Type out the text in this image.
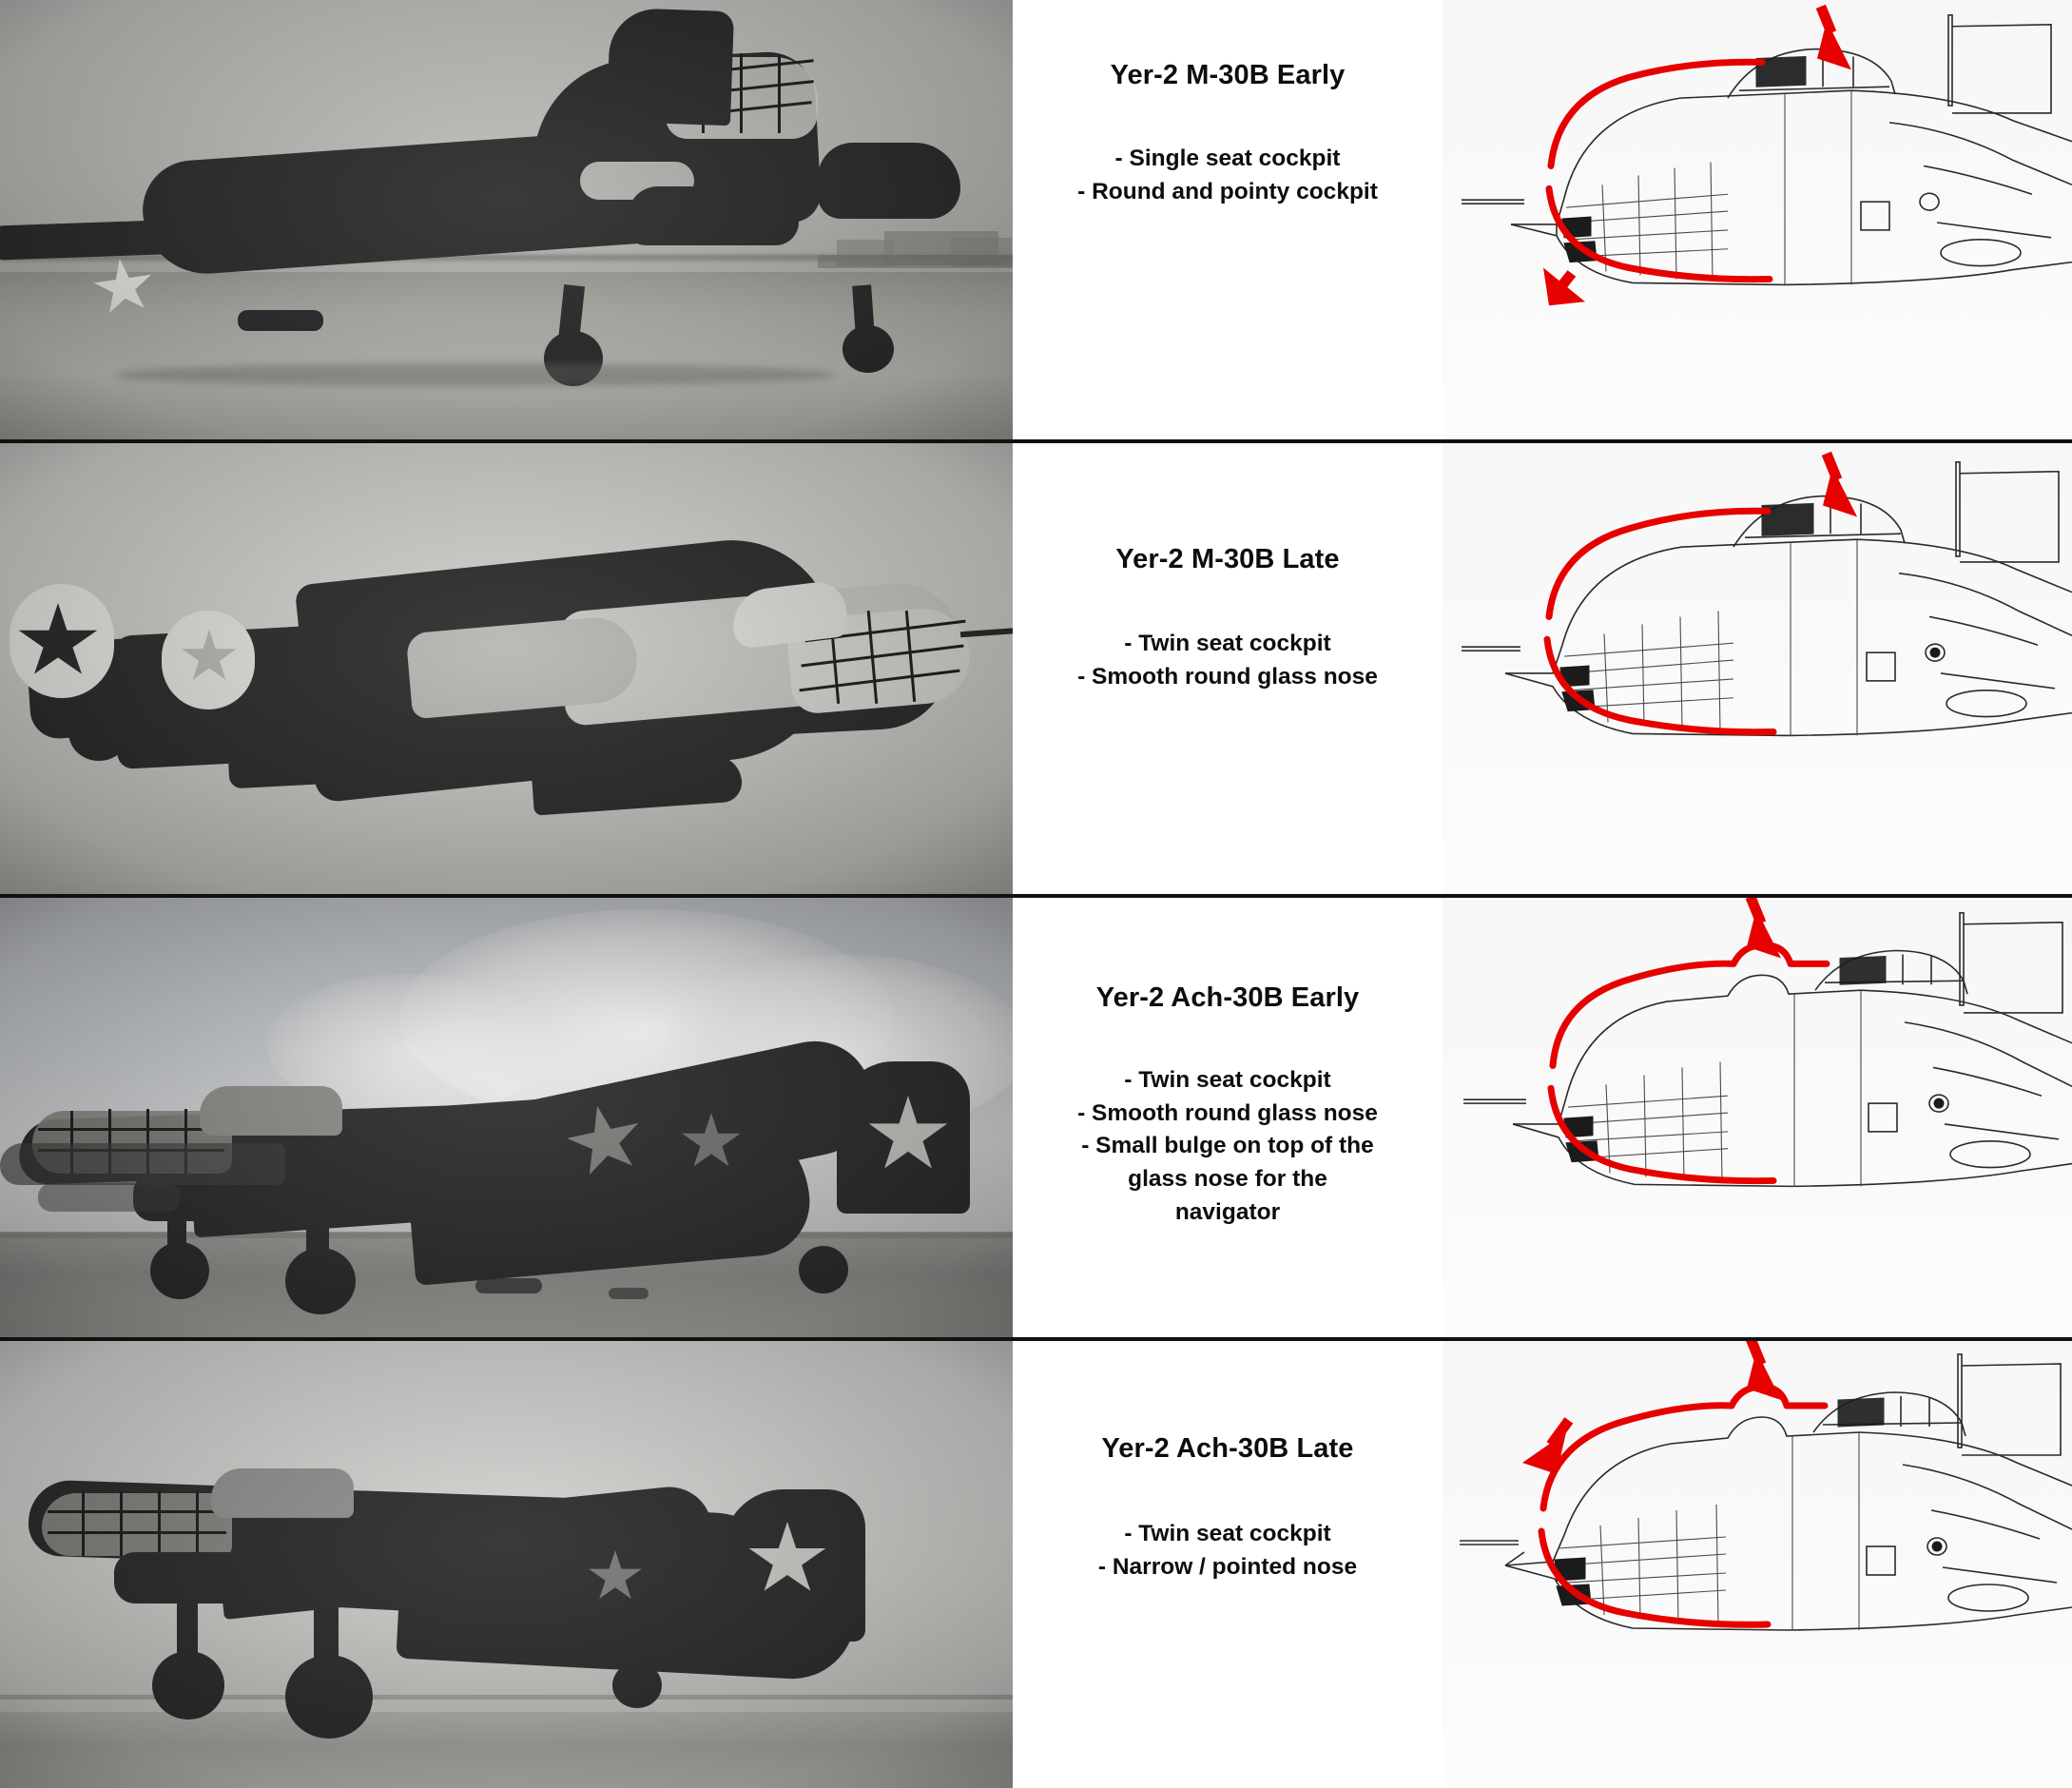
Yer-2 M-30B Early
- Single seat cockpit
- Round and pointy cockpit
Yer-2 M-30B Late
- Twin seat cockpit
- Smooth round glass nose
Yer-2 Ach-30B Early
- Twin seat cockpit
- Smooth round glass nose
- Small bulge on top of the
glass nose for the
navigator
Yer-2 Ach-30B Late
- Twin seat cockpit
- Narrow / pointed nose
